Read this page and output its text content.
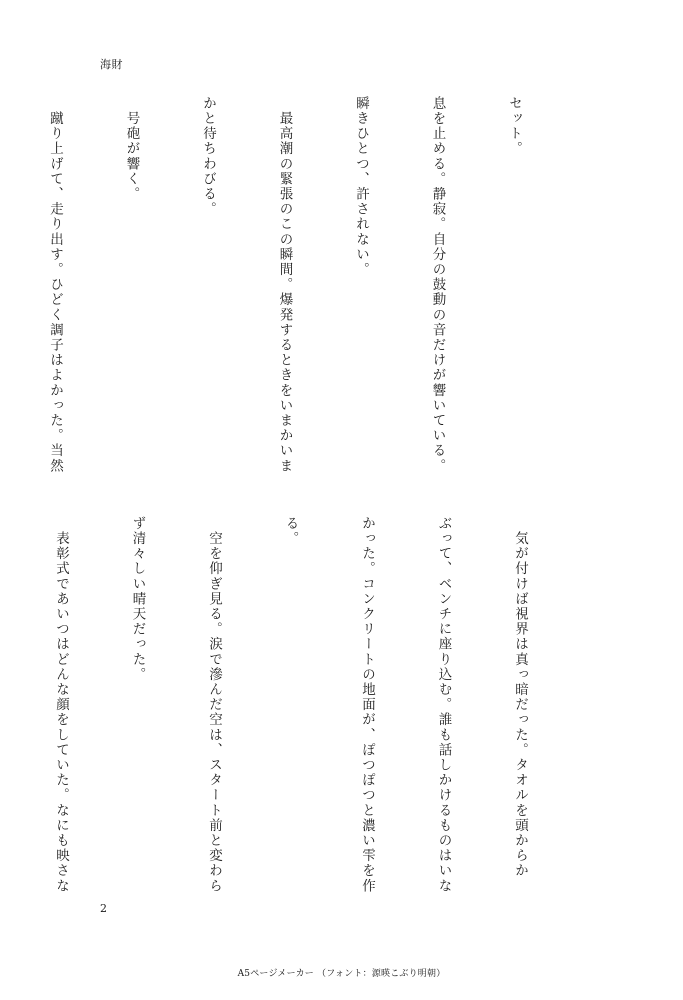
海財

セット。

息を止める。静寂。自分の鼓動の音だけが響いている。

瞬きひとつ、許されない。

　最高潮の緊張のこの瞬間。爆発するときをいまかいま

かと待ちわびる。

　号砲が響く。

　蹴り上げて、走り出す。ひどく調子はよかった。当然

　気が付けば視界は真っ暗だった。タオルを頭からか

ぶって、ベンチに座り込む。誰も話しかけるものはいな

かった。コンクリートの地面が、ぽつぽつと濃い雫を作

る。

　空を仰ぎ見る。涙で滲んだ空は、スタート前と変わら

ず清々しい晴天だった。

　表彰式であいつはどんな顔をしていた。なにも映さな

2
A5ページメーカー （フォント：源暎こぶり明朝）
